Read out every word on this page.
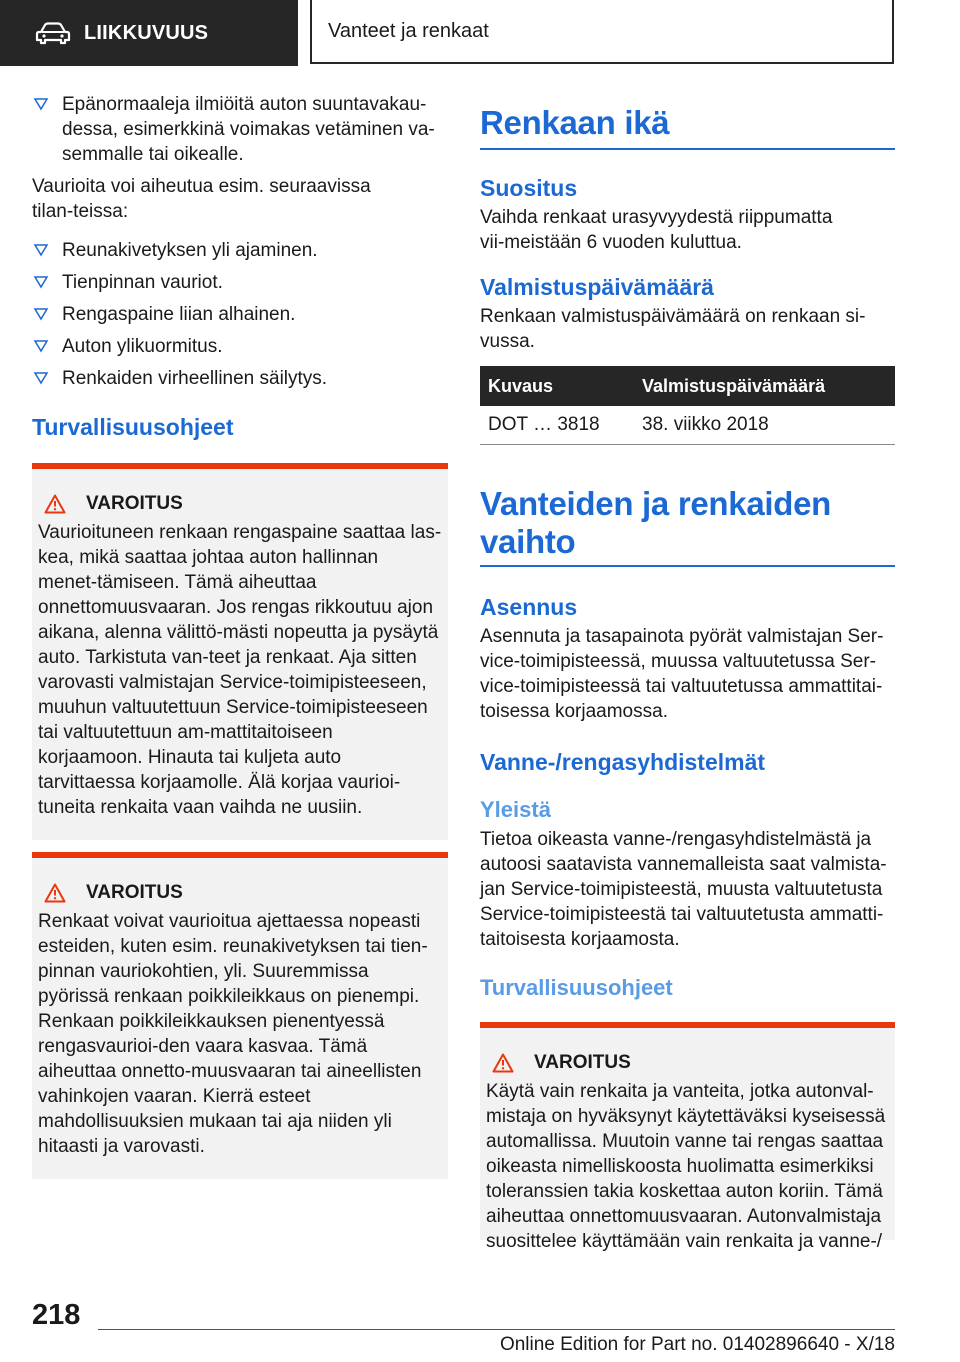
LIIKKUVUUS	Vanteet ja renkaat
Epänormaaleja ilmiöitä auton suuntavakau-dessa, esimerkkinä voimakas vetäminen va-semmalle tai oikealle.

Vaurioita voi aiheutua esim. seuraavissa tilan-teissa:

Reunakivetyksen yli ajaminen.
Tienpinnan vauriot.
Rengaspaine liian alhainen.
Auton ylikuormitus.
Renkaiden virheellinen säilytys.
Turvallisuusohjeet
VAROITUS

Vaurioituneen renkaan rengaspaine saattaa las-kea, mikä saattaa johtaa auton hallinnan menet-tämiseen. Tämä aiheuttaa onnettomuusvaaran. Jos rengas rikkoutuu ajon aikana, alenna välittö-mästi nopeutta ja pysäytä auto. Tarkistuta van-teet ja renkaat. Aja sitten varovasti valmistajan Service-toimipisteeseen, muuhun valtuutettuun Service-toimipisteeseen tai valtuutettuun am-mattitaitoiseen korjaamoon. Hinauta tai kuljeta auto tarvittaessa korjaamolle. Älä korjaa vaurioi-tuneita renkaita vaan vaihda ne uusiin.

VAROITUS

Renkaat voivat vaurioitua ajettaessa nopeasti esteiden, kuten esim. reunakivetyksen tai tien-pinnan vauriokohtien, yli. Suuremmissa pyörissä renkaan poikkileikkaus on pienempi. Renkaan poikkileikkauksen pienentyessä rengasvaurioi-den vaara kasvaa. Tämä aiheuttaa onnetto-muusvaaran tai aineellisten vahinkojen vaaran. Kierrä esteet mahdollisuuksien mukaan tai aja niiden yli hitaasti ja varovasti.

Renkaan ikä
Suositus

Vaihda renkaat urasyvyydestä riippumatta vii-meistään 6 vuoden kuluttua.

Valmistuspäivämäärä

Renkaan valmistuspäivämäärä on renkaan si-vussa.

Kuvaus	Valmistuspäivämäärä
DOT … 3818	38. viikko 2018
Vanteiden ja renkaiden vaihto
Asennus

Asennuta ja tasapainota pyörät valmistajan Ser-vice-toimipisteessä, muussa valtuutetussa Ser-vice-toimipisteessä tai valtuutetussa ammattitai-toisessa korjaamossa.

Vanne-/rengasyhdistelmät
Yleistä

Tietoa oikeasta vanne-/rengasyhdistelmästä ja autoosi saatavista vannemalleista saat valmista-jan Service-toimipisteestä, muusta valtuutetusta Service-toimipisteestä tai valtuutetusta ammatti-taitoisesta korjaamosta.

Turvallisuusohjeet
VAROITUS

Käytä vain renkaita ja vanteita, jotka autonval-mistaja on hyväksynyt käytettäväksi kyseisessä automallissa. Muutoin vanne tai rengas saattaa oikeasta nimelliskoosta huolimatta esimerkiksi toleranssien takia koskettaa auton koriin. Tämä aiheuttaa onnettomuusvaaran. Autonvalmistaja suosittelee käyttämään vain renkaita ja vanne-/

218
Online Edition for Part no. 01402896640 - X/18
